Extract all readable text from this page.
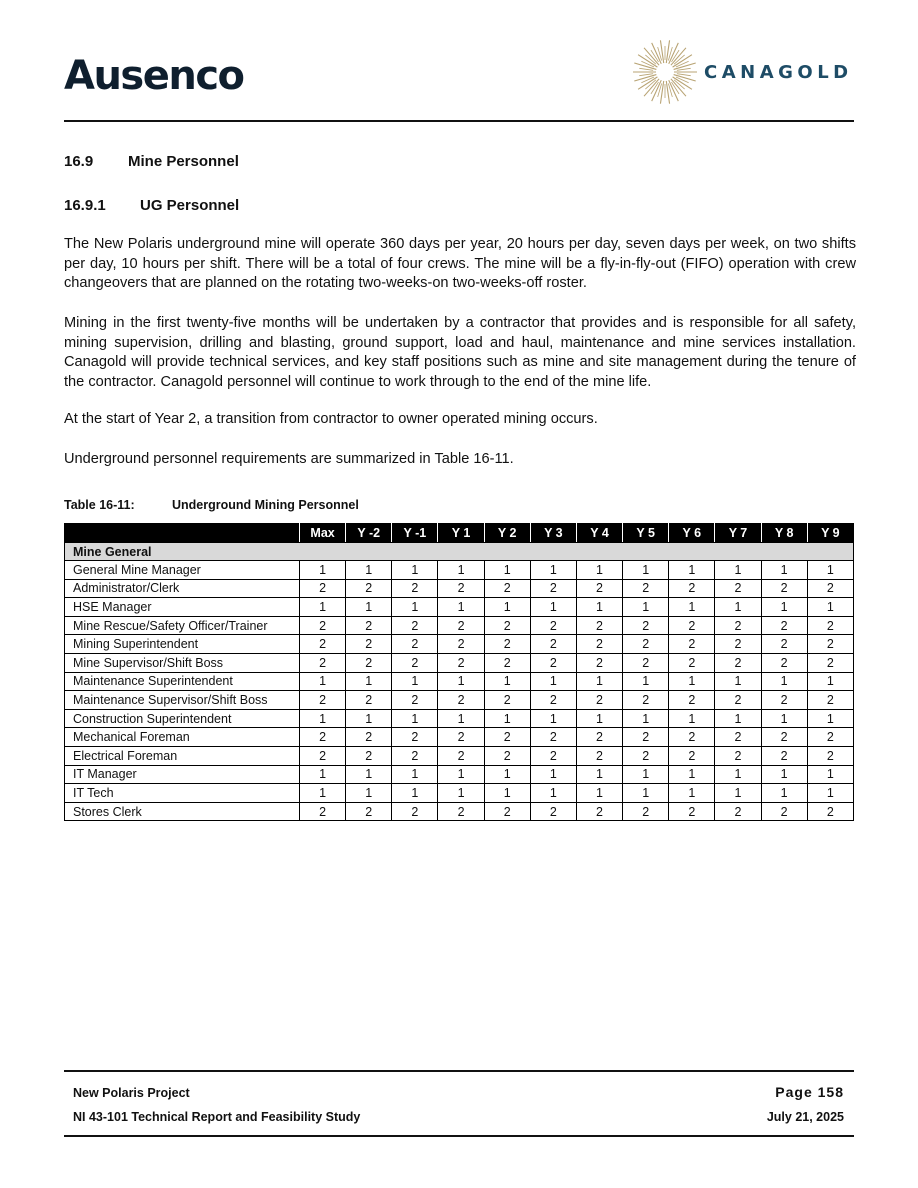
Ausenco	CANAGOLD
16.9	Mine Personnel
16.9.1	UG Personnel

The New Polaris underground mine will operate 360 days per year, 20 hours per day, seven days per week, on two shifts per day, 10 hours per shift. There will be a total of four crews. The mine will be a fly-in-fly-out (FIFO) operation with crew changeovers that are planned on the rotating two-weeks-on two-weeks-off roster.

Mining in the first twenty-five months will be undertaken by a contractor that provides and is responsible for all safety, mining supervision, drilling and blasting, ground support, load and haul, maintenance and mine services installation. Canagold will provide technical services, and key staff positions such as mine and site management during the tenure of the contractor. Canagold personnel will continue to work through to the end of the mine life.

At the start of Year 2, a transition from contractor to owner operated mining occurs.

Underground personnel requirements are summarized in Table 16-11.

Table 16-11:	Underground Mining Personnel
	Max	Y -2	Y -1	Y 1	Y 2	Y 3	Y 4	Y 5	Y 6	Y 7	Y 8	Y 9
Mine General												
General Mine Manager	1	1	1	1	1	1	1	1	1	1	1	1
Administrator/Clerk	2	2	2	2	2	2	2	2	2	2	2	2
HSE Manager	1	1	1	1	1	1	1	1	1	1	1	1
Mine Rescue/Safety Officer/Trainer	2	2	2	2	2	2	2	2	2	2	2	2
Mining Superintendent	2	2	2	2	2	2	2	2	2	2	2	2
Mine Supervisor/Shift Boss	2	2	2	2	2	2	2	2	2	2	2	2
Maintenance Superintendent	1	1	1	1	1	1	1	1	1	1	1	1
Maintenance Supervisor/Shift Boss	2	2	2	2	2	2	2	2	2	2	2	2
Construction Superintendent	1	1	1	1	1	1	1	1	1	1	1	1
Mechanical Foreman	2	2	2	2	2	2	2	2	2	2	2	2
Electrical Foreman	2	2	2	2	2	2	2	2	2	2	2	2
IT Manager	1	1	1	1	1	1	1	1	1	1	1	1
IT Tech	1	1	1	1	1	1	1	1	1	1	1	1
Stores Clerk	2	2	2	2	2	2	2	2	2	2	2	2
New Polaris Project
NI 43-101 Technical Report and Feasibility Study
Page 158
July 21, 2025
